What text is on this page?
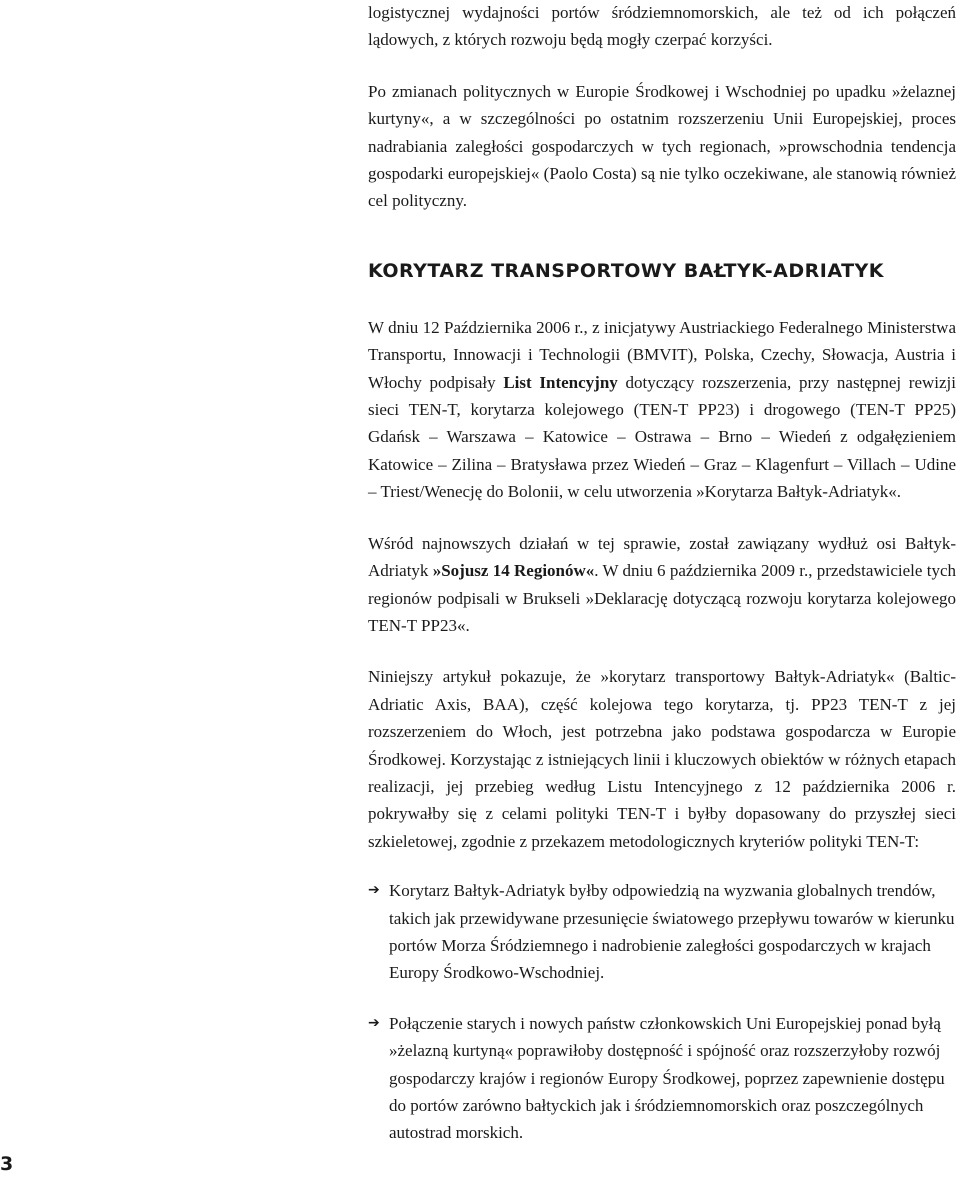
logistycznej wydajności portów śródziemnomorskich, ale też od ich połączeń lądowych, z których rozwoju będą mogły czerpać korzyści.

Po zmianach politycznych w Europie Środkowej i Wschodniej po upadku »żelaznej kurtyny«, a w szczególności po ostatnim rozszerzeniu Unii Europejskiej, proces nadrabiania zaległości gospodarczych w tych regionach, »prowschodnia tendencja gospodarki europejskiej« (Paolo Costa) są nie tylko oczekiwane, ale stanowią również cel polityczny.

KORYTARZ TRANSPORTOWY BAŁTYK-ADRIATYK

W dniu 12 Października 2006 r., z inicjatywy Austriackiego Federalnego Ministerstwa Transportu, Innowacji i Technologii (BMVIT), Polska, Czechy, Słowacja, Austria i Włochy podpisały List Intencyjny dotyczący rozszerzenia, przy następnej rewizji sieci TEN-T, korytarza kolejowego (TEN-T PP23) i drogowego (TEN-T PP25) Gdańsk – Warszawa – Katowice – Ostrawa – Brno – Wiedeń z odgałęzieniem Katowice – Zilina – Bratysława przez Wiedeń – Graz – Klagenfurt – Villach – Udine – Triest/Wenecję do Bolonii, w celu utworzenia »Korytarza Bałtyk-Adriatyk«.

Wśród najnowszych działań w tej sprawie, został zawiązany wydłuż osi Bałtyk-Adriatyk »Sojusz 14 Regionów«. W dniu 6 października 2009 r., przedstawiciele tych regionów podpisali w Brukseli »Deklarację dotyczącą rozwoju korytarza kolejowego TEN-T PP23«.

Niniejszy artykuł pokazuje, że »korytarz transportowy Bałtyk-Adriatyk« (Baltic-Adriatic Axis, BAA), część kolejowa tego korytarza, tj. PP23 TEN-T z jej rozszerzeniem do Włoch, jest potrzebna jako podstawa gospodarcza w Europie Środkowej. Korzystając z istniejących linii i kluczowych obiektów w różnych etapach realizacji, jej przebieg według Listu Intencyjnego z 12 października 2006 r. pokrywałby się z celami polityki TEN-T i byłby dopasowany do przyszłej sieci szkieletowej, zgodnie z przekazem metodologicznych kryteriów polityki TEN-T:

➔ Korytarz Bałtyk-Adriatyk byłby odpowiedzią na wyzwania globalnych trendów, takich jak przewidywane przesunięcie światowego przepływu towarów w kierunku portów Morza Śródziemnego i nadrobienie zaległości gospodarczych w krajach Europy Środkowo-Wschodniej.
➔ Połączenie starych i nowych państw członkowskich Uni Europejskiej ponad byłą »żelazną kurtyną« poprawiłoby dostępność i spójność oraz rozszerzyłoby rozwój gospodarczy krajów i regionów Europy Środkowej, poprzez zapewnienie dostępu do portów zarówno bałtyckich jak i śródziemnomorskich oraz poszczególnych autostrad morskich.
3
